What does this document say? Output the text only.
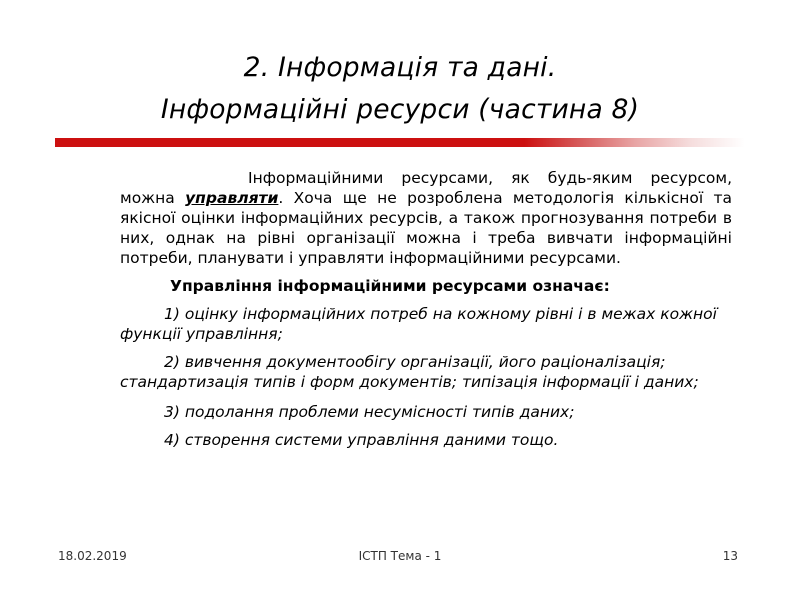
2. Інформація та дані.
Інформаційні ресурси (частина 8)

Інформаційними ресурсами, як будь-яким ресурсом, можна управляти. Хоча ще не розроблена методологія кількісної та якісної оцінки інформаційних ресурсів, а також прогнозування потреби в них, однак на рівні організації можна і треба вивчати інформаційні потреби, планувати і управляти інформаційними ресурсами.

Управління інформаційними ресурсами означає:

1) оцінку інформаційних потреб на кожному рівні і в межах кожної функції управління;

2) вивчення документообігу організації, його раціоналізація; стандартизація типів і форм документів; типізація інформації і даних;

3) подолання проблеми несумісності типів даних;

4) створення системи управління даними тощо.

18.02.2019	ІСТП Тема - 1	13
